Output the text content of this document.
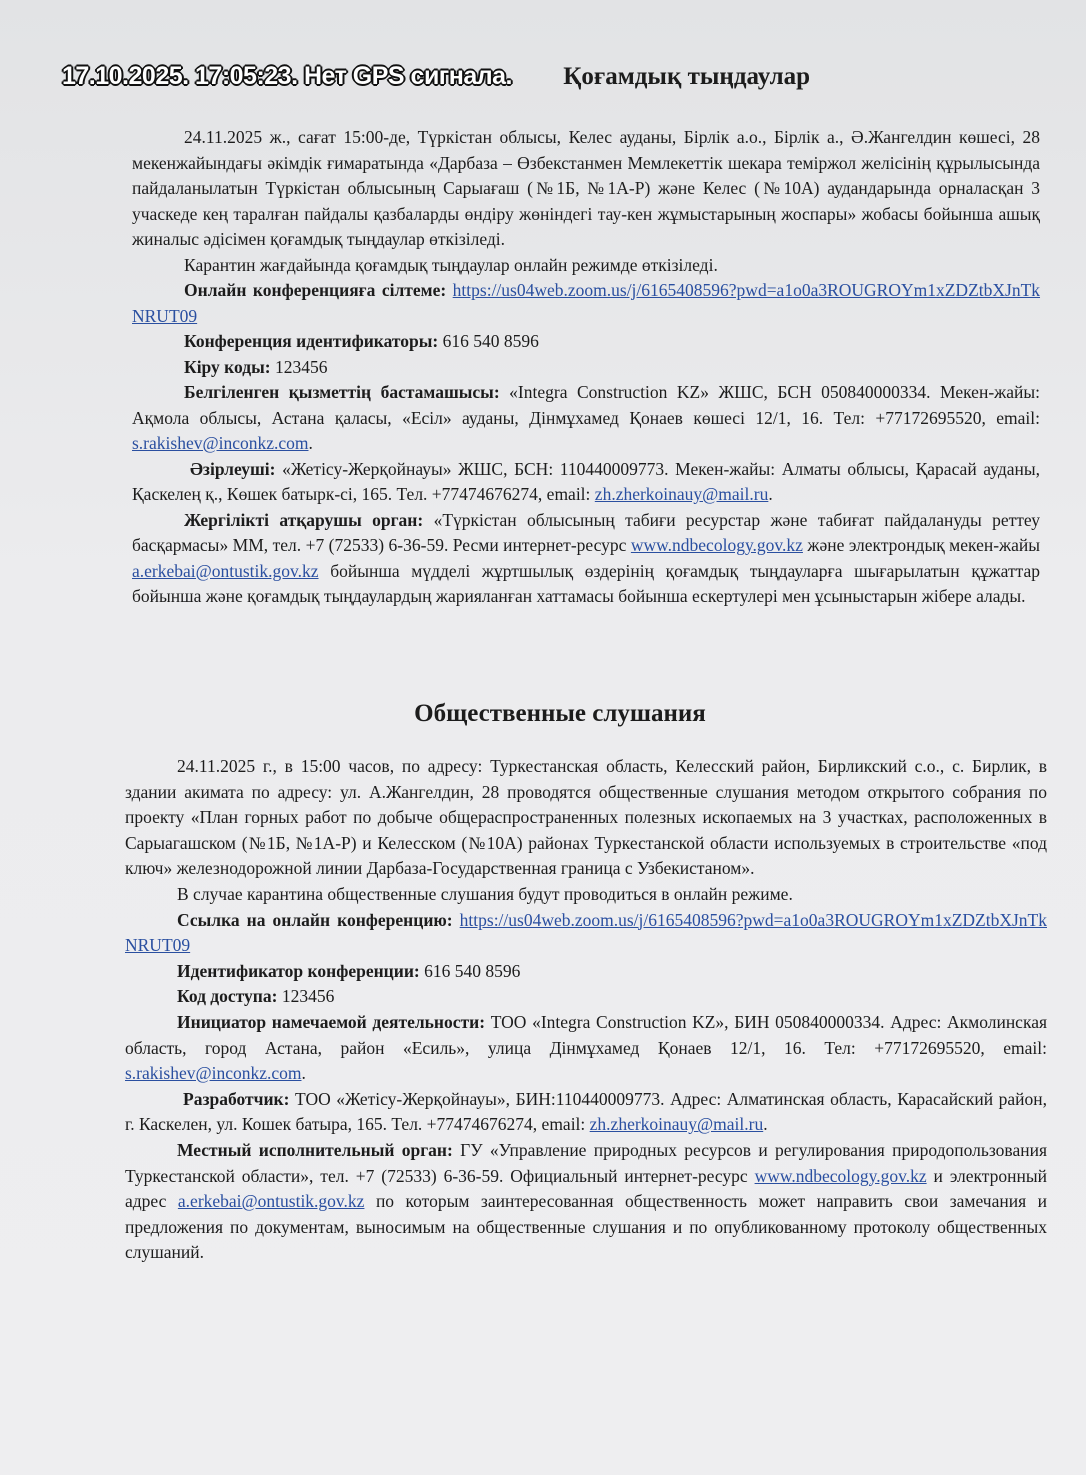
17.10.2025. 17:05:23. Нет GPS сигнала.	Қоғамдық тыңдаулар

24.11.2025 ж., сағат 15:00-де, Түркістан облысы, Келес ауданы, Бірлік а.о., Бірлік а., Ә.Жангелдин көшесі, 28 мекенжайындағы әкімдік ғимаратында «Дарбаза – Өзбекстанмен Мемлекеттік шекара теміржол желісінің құрылысында пайдаланылатын Түркістан облысының Сарыағаш (№1Б, №1А-Р) және Келес (№10А) аудандарында орналасқан 3 учаскеде кең таралған пайдалы қазбаларды өндіру жөніндегі тау-кен жұмыстарының жоспары» жобасы бойынша ашық жиналыс әдісімен қоғамдық тыңдаулар өткізіледі.

Карантин жағдайында қоғамдық тыңдаулар онлайн режимде өткізіледі.

Онлайн конференцияға сілтеме: https://us04web.zoom.us/j/6165408596?pwd=a1o0a3ROUGROYm1xZDZtbXJnTkNRUT09

Конференция идентификаторы: 616 540 8596

Кіру коды: 123456

Белгіленген қызметтің бастамашысы: «Integra Construction KZ» ЖШС, БСН 050840000334. Мекен-жайы: Ақмола облысы, Астана қаласы, «Есіл» ауданы, Дінмұхамед Қонаев көшесі 12/1, 16. Тел: +77172695520, email: s.rakishev@inconkz.com.

Әзірлеуші: «Жетісу-Жерқойнауы» ЖШС, БСН: 110440009773. Мекен-жайы: Алматы облысы, Қарасай ауданы, Қаскелең қ., Көшек батырк-сі, 165. Тел. +77474676274, email: zh.zherkoinauy@mail.ru.

Жергілікті атқарушы орган: «Түркістан облысының табиғи ресурстар және табиғат пайдалануды реттеу басқармасы» ММ, тел. +7 (72533) 6-36-59. Ресми интернет-ресурс www.ndbecology.gov.kz және электрондық мекен-жайы a.erkebai@ontustik.gov.kz бойынша мүдделі жұртшылық өздерінің қоғамдық тыңдауларға шығарылатын құжаттар бойынша және қоғамдық тыңдаулардың жарияланған хаттамасы бойынша ескертулері мен ұсыныстарын жібере алады.

Общественные слушания

24.11.2025 г., в 15:00 часов, по адресу: Туркестанская область, Келесский район, Бирликский с.о., с. Бирлик, в здании акимата по адресу: ул. А.Жангелдин, 28 проводятся общественные слушания методом открытого собрания по проекту «План горных работ по добыче общераспространенных полезных ископаемых на 3 участках, расположенных в Сарыагашском (№1Б, №1А-Р) и Келесском (№10А) районах Туркестанской области используемых в строительстве «под ключ» железнодорожной линии Дарбаза-Государственная граница с Узбекистаном».

В случае карантина общественные слушания будут проводиться в онлайн режиме.

Ссылка на онлайн конференцию: https://us04web.zoom.us/j/6165408596?pwd=a1o0a3ROUGROYm1xZDZtbXJnTkNRUT09

Идентификатор конференции: 616 540 8596

Код доступа: 123456

Инициатор намечаемой деятельности: ТОО «Integra Construction KZ», БИН 050840000334. Адрес: Акмолинская область, город Астана, район «Есиль», улица Дінмұхамед Қонаев 12/1, 16. Тел: +77172695520, email: s.rakishev@inconkz.com.

Разработчик: ТОО «Жетісу-Жерқойнауы», БИН:110440009773. Адрес: Алматинская область, Карасайский район, г. Каскелен, ул. Кошек батыра, 165. Тел. +77474676274, email: zh.zherkoinauy@mail.ru.

Местный исполнительный орган: ГУ «Управление природных ресурсов и регулирования природопользования Туркестанской области», тел. +7 (72533) 6-36-59. Официальный интернет-ресурс www.ndbecology.gov.kz и электронный адрес a.erkebai@ontustik.gov.kz по которым заинтересованная общественность может направить свои замечания и предложения по документам, выносимым на общественные слушания и по опубликованному протоколу общественных слушаний.
